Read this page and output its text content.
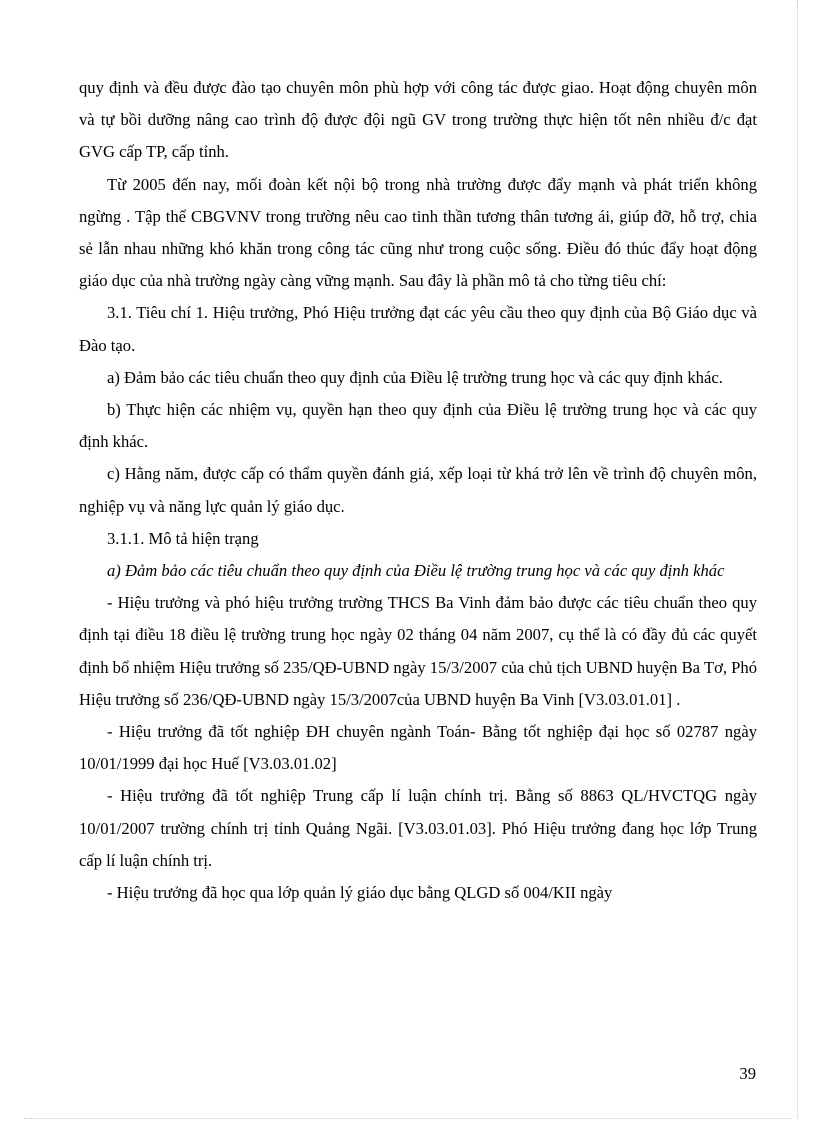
quy định và đều được đào tạo chuyên môn phù hợp với công tác được giao. Hoạt động chuyên môn và tự bồi dưỡng nâng cao trình độ được đội ngũ GV trong trường thực hiện tốt nên nhiều đ/c đạt GVG cấp TP, cấp tỉnh.

Từ 2005 đến nay, mối đoàn kết nội bộ trong nhà trường được đẩy mạnh và phát triển không ngừng . Tập thể CBGVNV trong trường nêu cao tinh thần tương thân tương ái, giúp đỡ, hỗ trợ, chia sẻ lẫn nhau những khó khăn trong công tác cũng như trong cuộc sống. Điều đó thúc đẩy hoạt động giáo dục của nhà trường ngày càng vững mạnh. Sau đây là phần mô tả cho từng tiêu chí:

3.1. Tiêu chí 1. Hiệu trưởng, Phó Hiệu trưởng đạt các yêu cầu theo quy định của Bộ Giáo dục và Đào tạo.

a) Đảm bảo các tiêu chuẩn theo quy định của Điều lệ trường trung học và các quy định khác.

b) Thực hiện các nhiệm vụ, quyền hạn theo quy định của Điều lệ trường trung học và các quy định khác.

c) Hằng năm, được cấp có thẩm quyền đánh giá, xếp loại từ khá trở lên về trình độ chuyên môn, nghiệp vụ và năng lực quản lý giáo dục.

3.1.1. Mô tả hiện trạng

a) Đảm bảo các tiêu chuẩn theo quy định của Điều lệ trường trung học và các quy định khác

- Hiệu trưởng và phó hiệu trưởng trường THCS Ba Vinh đảm bảo được các tiêu chuẩn theo quy định tại điều 18 điều lệ trường trung học ngày 02 tháng 04 năm 2007, cụ thể là có đầy đủ các quyết định bổ nhiệm Hiệu trưởng số 235/QĐ-UBND ngày 15/3/2007 của chủ tịch UBND huyện Ba Tơ, Phó Hiệu trưởng số 236/QĐ-UBND ngày 15/3/2007của UBND huyện Ba Vinh [V3.03.01.01] .

- Hiệu trưởng đã tốt nghiệp ĐH chuyên ngành Toán- Bằng tốt nghiệp đại học số 02787 ngày 10/01/1999 đại học Huế [V3.03.01.02]

- Hiệu trưởng đã tốt nghiệp Trung cấp lí luận chính trị. Bằng số 8863 QL/HVCTQG ngày 10/01/2007 trường chính trị tỉnh Quảng Ngãi. [V3.03.01.03]. Phó Hiệu trưởng đang học lớp Trung cấp lí luận chính trị.

- Hiệu trưởng đã học qua lớp quản lý giáo dục bằng QLGD số 004/KII ngày

39
